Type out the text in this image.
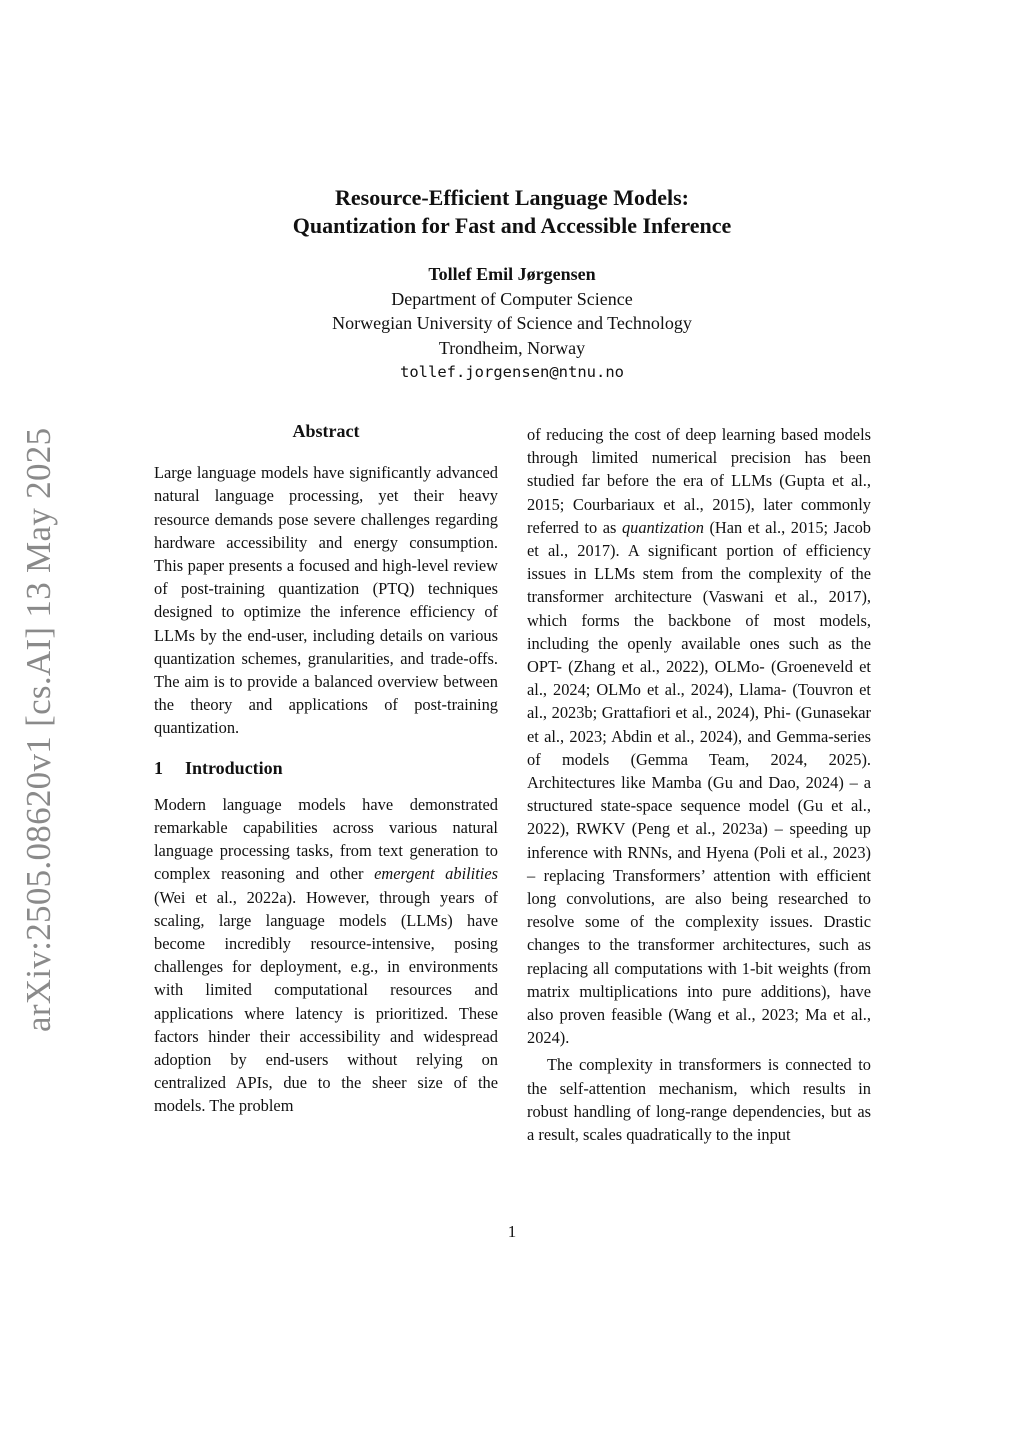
Resource-Efficient Language Models:
Quantization for Fast and Accessible Inference
Tollef Emil Jørgensen
Department of Computer Science
Norwegian University of Science and Technology
Trondheim, Norway
tollef.jorgensen@ntnu.no
arXiv:2505.08620v1 [cs.AI] 13 May 2025	Abstract

Large language models have significantly advanced natural language processing, yet their heavy resource demands pose severe challenges regarding hardware accessibility and energy consumption. This paper presents a focused and high-level review of post-training quantization (PTQ) techniques designed to optimize the inference efficiency of LLMs by the end-user, including details on various quantization schemes, granularities, and trade-offs. The aim is to provide a balanced overview between the theory and applications of post-training quantization.

1 Introduction

Modern language models have demonstrated remarkable capabilities across various natural language processing tasks, from text generation to complex reasoning and other emergent abilities (Wei et al., 2022a). However, through years of scaling, large language models (LLMs) have become incredibly resource-intensive, posing challenges for deployment, e.g., in environments with limited computational resources and applications where latency is prioritized. These factors hinder their accessibility and widespread adoption by end-users without relying on centralized APIs, due to the sheer size of the models. The problem

of reducing the cost of deep learning based models through limited numerical precision has been studied far before the era of LLMs (Gupta et al., 2015; Courbariaux et al., 2015), later commonly referred to as quantization (Han et al., 2015; Jacob et al., 2017). A significant portion of efficiency issues in LLMs stem from the complexity of the transformer architecture (Vaswani et al., 2017), which forms the backbone of most models, including the openly available ones such as the OPT- (Zhang et al., 2022), OLMo- (Groeneveld et al., 2024; OLMo et al., 2024), Llama- (Touvron et al., 2023b; Grattafiori et al., 2024), Phi- (Gunasekar et al., 2023; Abdin et al., 2024), and Gemma-series of models (Gemma Team, 2024, 2025). Architectures like Mamba (Gu and Dao, 2024) – a structured state-space sequence model (Gu et al., 2022), RWKV (Peng et al., 2023a) – speeding up inference with RNNs, and Hyena (Poli et al., 2023) – replacing Transformers’ attention with efficient long convolutions, are also being researched to resolve some of the complexity issues. Drastic changes to the transformer architectures, such as replacing all computations with 1-bit weights (from matrix multiplications into pure additions), have also proven feasible (Wang et al., 2023; Ma et al., 2024).

The complexity in transformers is connected to the self-attention mechanism, which results in robust handling of long-range dependencies, but as a result, scales quadratically to the input

1
